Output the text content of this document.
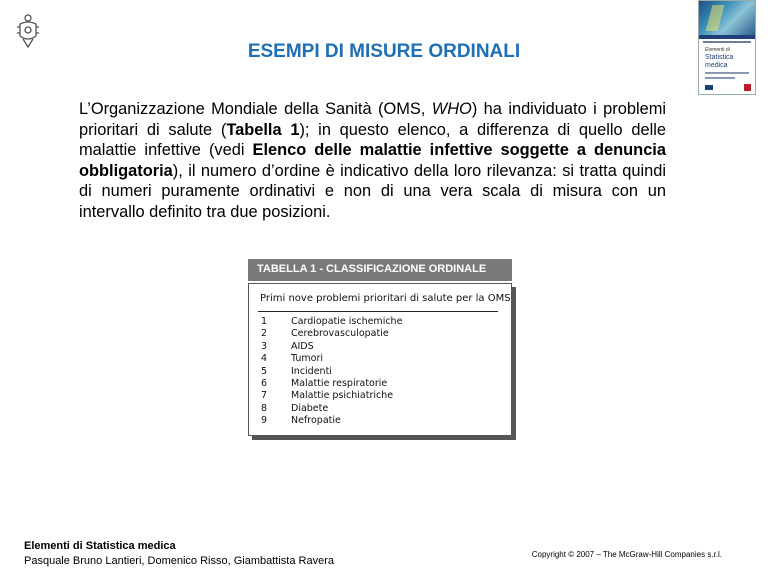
Elementi di
Statistica
medica
ESEMPI DI MISURE ORDINALI
L’Organizzazione Mondiale della Sanità (OMS, WHO) ha individuato i problemi prioritari di salute (Tabella 1); in questo elenco, a differenza di quello delle malattie infettive (vedi Elenco delle malattie infettive soggette a denuncia obbligatoria), il numero d’ordine è indicativo della loro rilevanza: si tratta quindi di numeri puramente ordinativi e non di una vera scala di misura con un intervallo definito tra due posizioni.
TABELLA 1 - CLASSIFICAZIONE ORDINALE
Primi nove problemi prioritari di salute per la OMS
1	Cardiopatie ischemiche
2	Cerebrovasculopatie
3	AIDS
4	Tumori
5	Incidenti
6	Malattie respiratorie
7	Malattie psichiatriche
8	Diabete
9	Nefropatie
Elementi di Statistica medica
Pasquale Bruno Lantieri, Domenico Risso, Giambattista Ravera
Copyright © 2007 – The McGraw-Hill Companies s.r.l.
